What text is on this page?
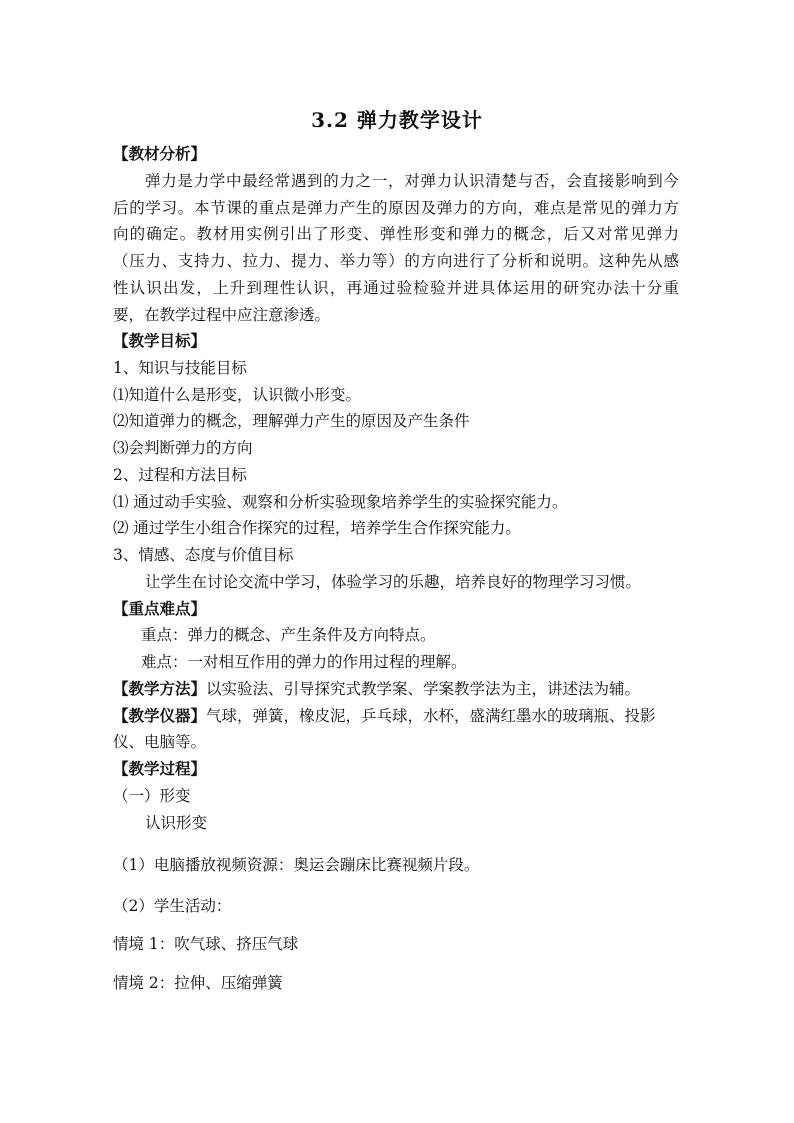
3.2 弹力教学设计
【教材分析】
弹力是力学中最经常遇到的力之一，对弹力认识清楚与否，会直接影响到今
后的学习。本节课的重点是弹力产生的原因及弹力的方向，难点是常见的弹力方
向的确定。教材用实例引出了形变、弹性形变和弹力的概念，后又对常见弹力
（压力、支持力、拉力、提力、举力等）的方向进行了分析和说明。这种先从感
性认识出发，上升到理性认识，再通过验检验并进具体运用的研究办法十分重
要，在教学过程中应注意渗透。
【教学目标】
1、知识与技能目标
⑴知道什么是形变，认识微小形变。
⑵知道弹力的概念，理解弹力产生的原因及产生条件
⑶会判断弹力的方向
2、过程和方法目标
⑴ 通过动手实验、观察和分析实验现象培养学生的实验探究能力。
⑵ 通过学生小组合作探究的过程，培养学生合作探究能力。
3、情感、态度与价值目标
让学生在讨论交流中学习，体验学习的乐趣，培养良好的物理学习习惯。
【重点难点】
重点：弹力的概念、产生条件及方向特点。
难点：一对相互作用的弹力的作用过程的理解。
【教学方法】以实验法、引导探究式教学案、学案教学法为主，讲述法为辅。
【教学仪器】气球，弹簧，橡皮泥，乒乓球，水杯，盛满红墨水的玻璃瓶、投影
仪、电脑等。
【教学过程】
（一）形变
认识形变
（1）电脑播放视频资源：奥运会蹦床比赛视频片段。
（2）学生活动：
情境 1：吹气球、挤压气球
情境 2：拉伸、压缩弹簧
